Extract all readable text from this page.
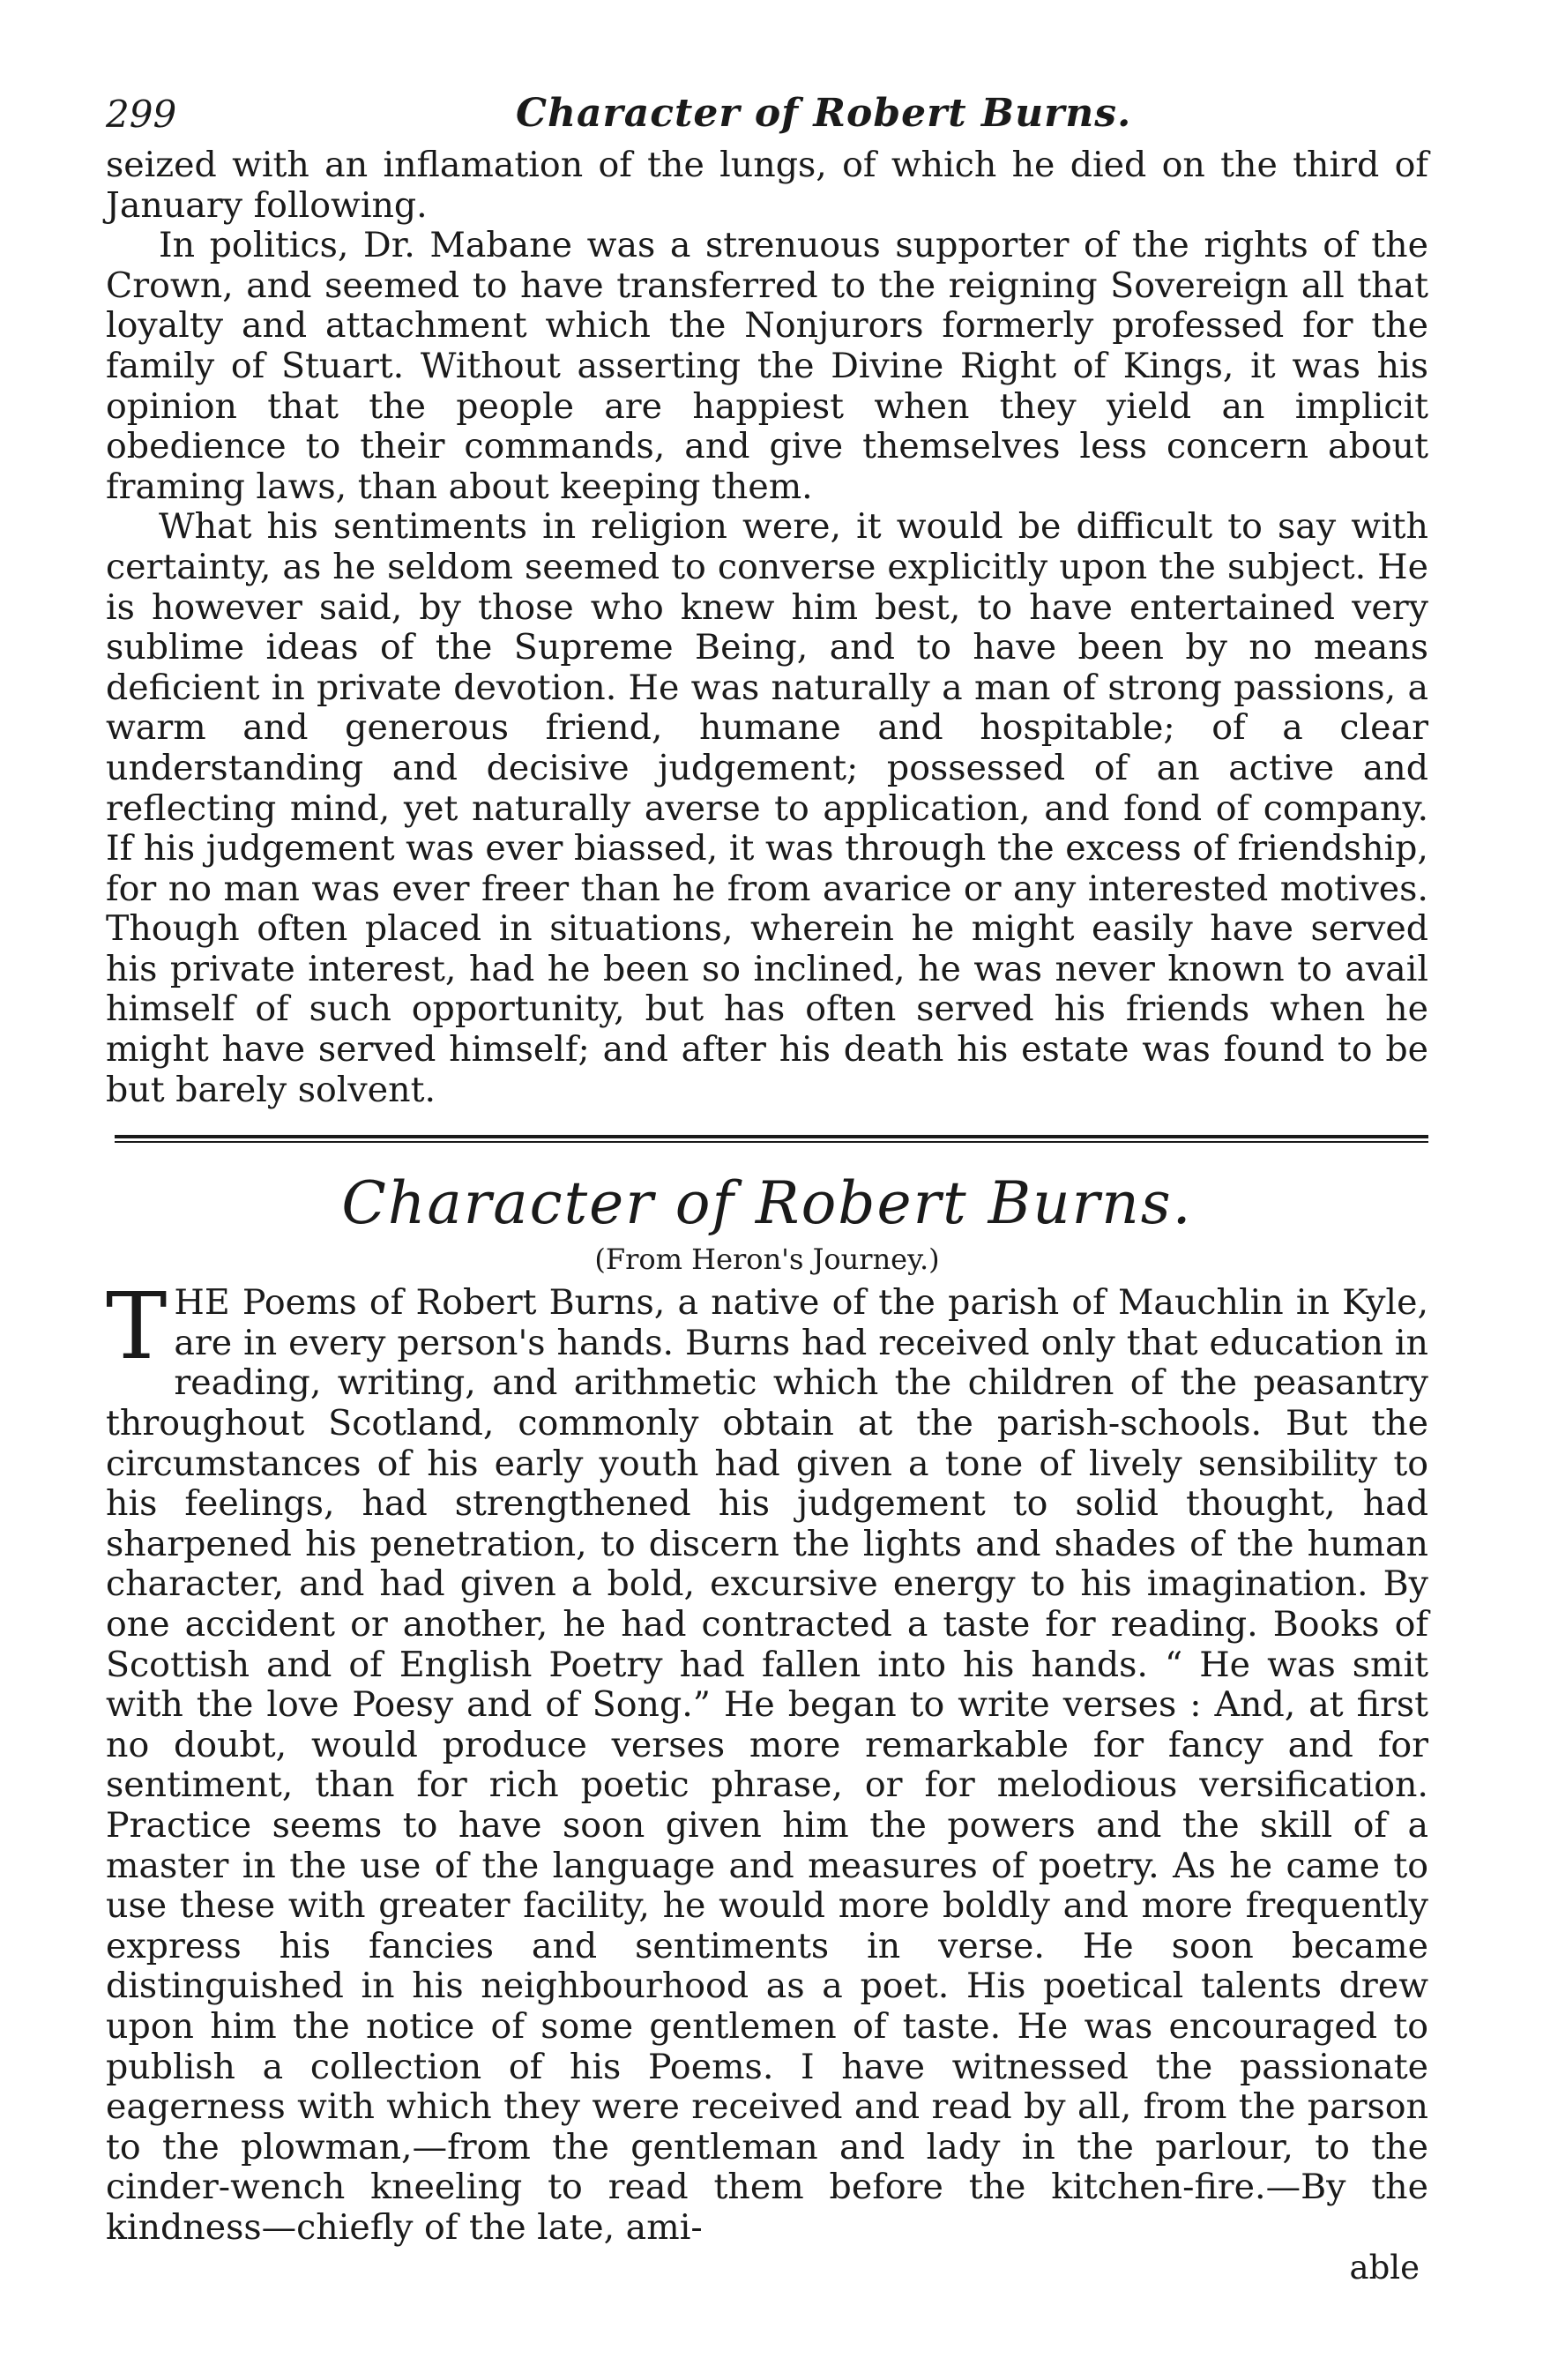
299	Character of Robert Burns.

seized with an inflamation of the lungs, of which he died on the third of January following.

In politics, Dr. Mabane was a strenuous supporter of the rights of the Crown, and seemed to have transferred to the reigning Sovereign all that loyalty and attachment which the Nonjurors formerly professed for the family of Stuart. Without asserting the Divine Right of Kings, it was his opinion that the people are happiest when they yield an implicit obedience to their commands, and give themselves less concern about framing laws, than about keeping them.

What his sentiments in religion were, it would be difficult to say with certainty, as he seldom seemed to converse explicitly upon the subject. He is however said, by those who knew him best, to have entertained very sublime ideas of the Supreme Being, and to have been by no means deficient in private devotion. He was naturally a man of strong passions, a warm and generous friend, humane and hospitable; of a clear understanding and decisive judgement; possessed of an active and reflecting mind, yet naturally averse to application, and fond of company. If his judgement was ever biassed, it was through the excess of friendship, for no man was ever freer than he from avarice or any interested motives. Though often placed in situations, wherein he might easily have served his private interest, had he been so inclined, he was never known to avail himself of such opportunity, but has often served his friends when he might have served himself; and after his death his estate was found to be but barely solvent.

Character of Robert Burns.
(From Heron's Journey.)
T HE Poems of Robert Burns, a native of the parish of Mauchlin in Kyle, are in every person's hands. Burns had received only that education in reading, writing, and arithmetic which the children of the peasantry throughout Scotland, commonly obtain at the parish-schools. But the circumstances of his early youth had given a tone of lively sensibility to his feelings, had strengthened his judgement to solid thought, had sharpened his penetration, to discern the lights and shades of the human character, and had given a bold, excursive energy to his imagination. By one accident or another, he had contracted a taste for reading. Books of Scottish and of English Poetry had fallen into his hands. “ He was smit with the love Poesy and of Song.” He began to write verses : And, at first no doubt, would produce verses more remarkable for fancy and for sentiment, than for rich poetic phrase, or for melodious versification. Practice seems to have soon given him the powers and the skill of a master in the use of the language and measures of poetry. As he came to use these with greater facility, he would more boldly and more frequently express his fancies and sentiments in verse. He soon became distinguished in his neighbourhood as a poet. His poetical talents drew upon him the notice of some gentlemen of taste. He was encouraged to publish a collection of his Poems. I have witnessed the passionate eagerness with which they were received and read by all, from the parson to the plowman,—from the gentleman and lady in the parlour, to the cinder-wench kneeling to read them before the kitchen-fire.—By the kindness—chiefly of the late, ami-

able
